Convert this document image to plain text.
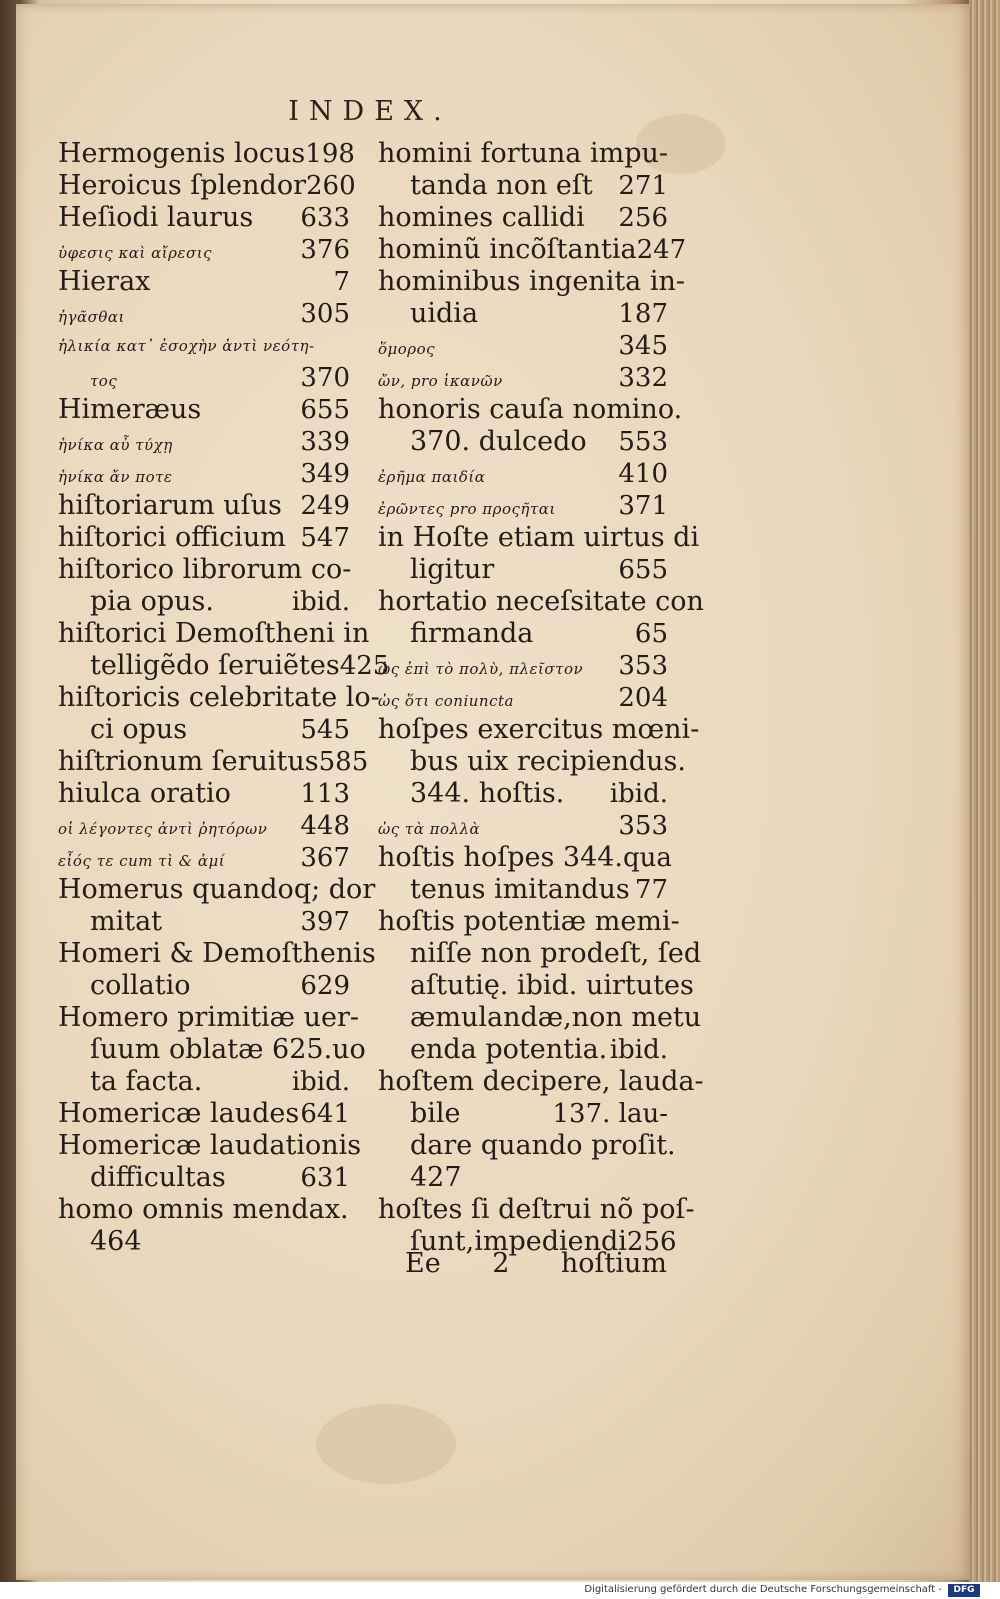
INDEX.
Hermogenis locus 198
Heroicus ſplendor 260
Heſiodi laurus 633
ὑφεσις καὶ αἴρεσις	376
Hierax	7
ἠγᾶσθαι	305
ἡλικία κατ᾽ ἐσοχὴν ἀντὶ νεότη-
τος	370
Himeræus	655
ἡνίκα αὖ τύχῃ	339
ἡνίκα ἄν ποτε	349
hiſtoriarum uſus 249
hiſtorici officium 547
hiſtorico librorum co-
pia opus.	ibid.
hiſtorici Demoſtheni in
telligẽdo ſeruiẽtes 425
hiſtoricis celebritate lo-
ci opus	545
hiſtrionum ſeruitus 585
hiulca oratio	113
οἱ λέγοντες ἀντὶ ῥητόρων 448
εἶός τε cum τὶ & ἁμί	367
Homerus quandoq; dor
mitat	397
Homeri & Demoſthenis
collatio	629
Homero primitiæ uer-
ſuum oblatæ 625.uo
ta facta.	ibid.
Homericæ laudes 641
Homericæ laudationis
difficultas	631
homo omnis mendax.
464
homini fortuna impu-
tanda non eſt 271
homines callidi 256
hominũ incõſtantia 247
hominibus ingenita in-
uidia	187
ὅμορος	345
ὤν, pro ἱκανῶν	332
honoris cauſa nomino.
370. dulcedo 553
ἐρῆμα παιδία	410
ἐρῶντες pro προςῆται 371
in Hoſte etiam uirtus di
ligitur	655
hortatio neceſsitate con
firmanda	65
ὡς ἐπὶ τὸ πολὺ, πλεῖστον 353
ὡς ὅτι coniuncta	204
hoſpes exercitus mœni-
bus uix recipiendus.
344. hoſtis. ibid.
ὡς τὰ πολλὰ	353
hoſtis hoſpes 344. qua
tenus imitandus 77
hoſtis potentiæ memi-
niſſe non prodeſt, ſed
aſtutię. ibid. uirtutes
æmulandæ,non metu
enda potentia. ibid.
hoſtem decipere, lauda-
bile	137. lau-
dare quando proſit.
427
hoſtes ſi deſtrui nõ poſ-
ſunt,impediendi 256
Ee 2 hoſtium
Digitalisierung gefördert durch die Deutsche Forschungsgemeinschaft -	DFG
